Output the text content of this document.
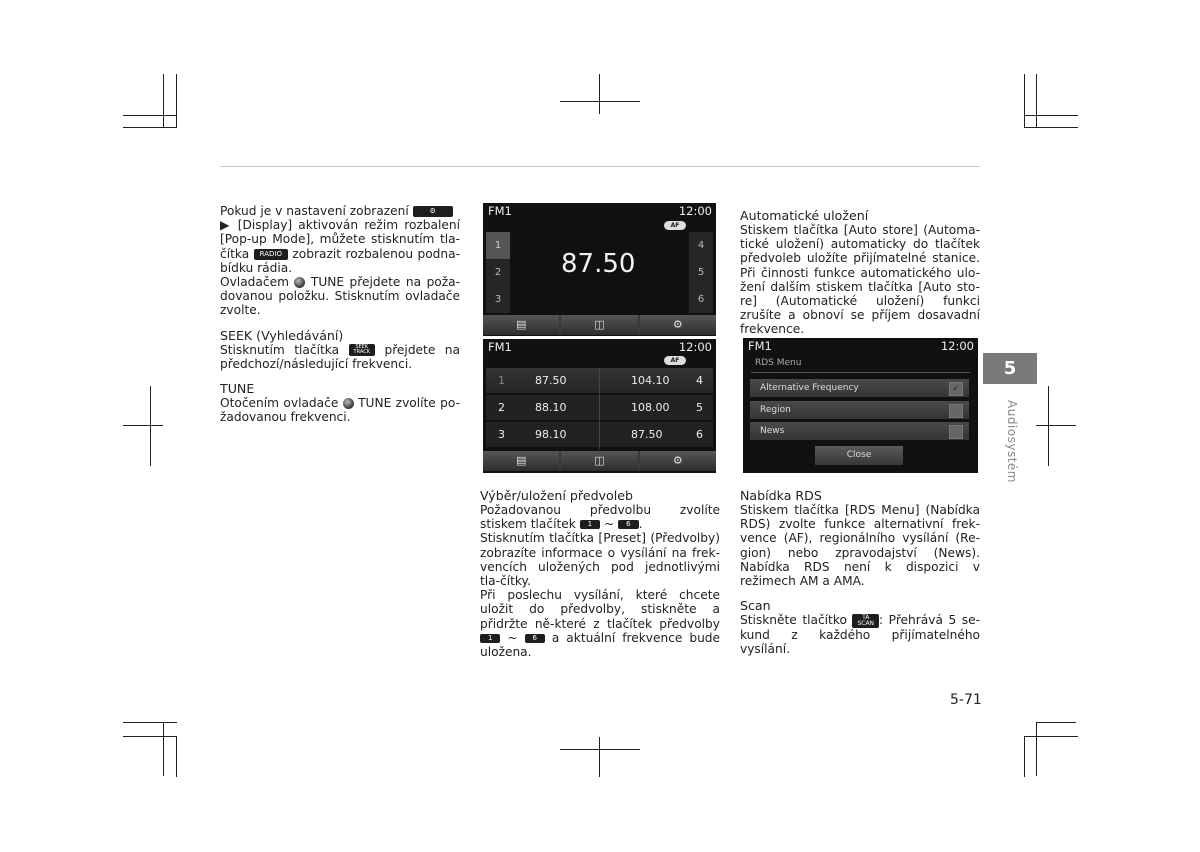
Pokud je v nastavení zobrazení	⚙
▶ [Display] aktivován režim rozbalení [Pop-up Mode], můžete stisknutím tla-čítka RADIO zobrazit rozbalenou podna-bídku rádia.

Ovladačem TUNE přejdete na poža-dovanou položku. Stisknutím ovladače zvolte.

SEEK (Vyhledávání)

Stisknutím tlačítka	SEEK
TRACK přejdete na předchozí/následující frekvenci.

TUNE

Otočením ovladače TUNE zvolíte po-žadovanou frekvenci.

FM1	12:00
AF
1
2
3
4
5
6
87.50
▤	◫	⚙
FM1	12:00
AF
1	87.50	104.10 4
2	88.10	108.00 5
3	98.10	87.50	6
▤	◫	⚙
Výběr/uložení předvoleb

Požadovanou předvolbu zvolíte stiskem tlačítek 1 ~ 6 .

Stisknutím tlačítka [Preset] (Předvolby) zobrazíte informace o vysílání na frek-vencích uložených pod jednotlivými tla-čítky.

Při poslechu vysílání, které chcete uložit do předvolby, stiskněte a přidržte ně-které z tlačítek předvolby 1 ~ 6 a aktuální frekvence bude uložena.

Automatické uložení

Stiskem tlačítka [Auto store] (Automa-tické uložení) automaticky do tlačítek předvoleb uložíte přijímatelné stanice. Při činnosti funkce automatického ulo-žení dalším stiskem tlačítka [Auto sto-re] (Automatické uložení) funkci zrušíte a obnoví se příjem dosavadní frekvence.

FM1	12:00
RDS Menu
Alternative Frequency	✓
Region
News
Close
Nabídka RDS

Stiskem tlačítka [RDS Menu] (Nabídka RDS) zvolte funkce alternativní frek-vence (AF), regionálního vysílání (Re-gion) nebo zpravodajství (News). Nabídka RDS není k dispozici v režimech AM a AMA.

Scan

Stiskněte tlačítko	TA
SCAN : Přehrává 5 se-kund z každého přijímatelného vysílání.

5
Audiosystém
5-71
